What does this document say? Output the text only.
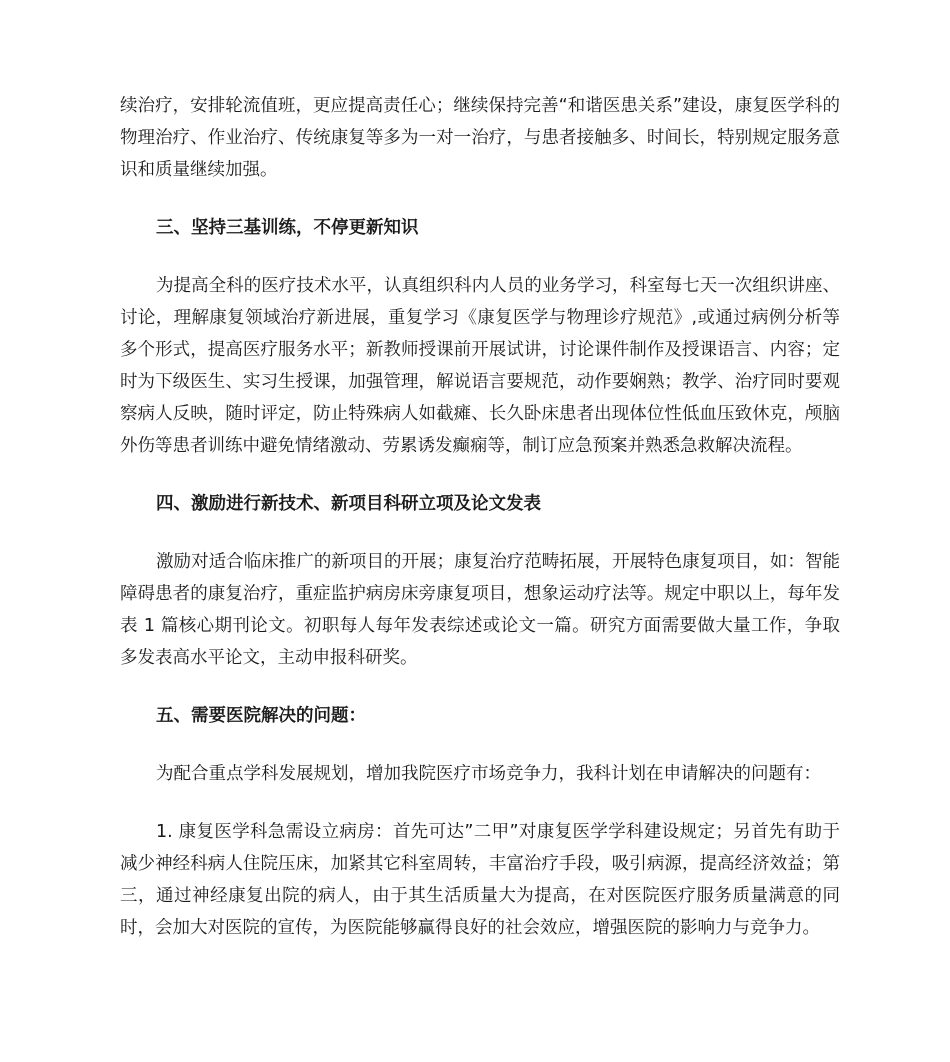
续治疗，安排轮流值班，更应提高责任心；继续保持完善“和谐医患关系”建设，康复医学科的物理治疗、作业治疗、传统康复等多为一对一治疗，与患者接触多、时间长，特别规定服务意识和质量继续加强。

三、坚持三基训练，不停更新知识

为提高全科的医疗技术水平，认真组织科内人员的业务学习，科室每七天一次组织讲座、讨论，理解康复领域治疗新进展，重复学习《康复医学与物理诊疗规范》,或通过病例分析等多个形式，提高医疗服务水平；新教师授课前开展试讲，讨论课件制作及授课语言、内容；定时为下级医生、实习生授课，加强管理，解说语言要规范，动作要娴熟；教学、治疗同时要观察病人反映，随时评定，防止特殊病人如截瘫、长久卧床患者出现体位性低血压致休克，颅脑外伤等患者训练中避免情绪激动、劳累诱发癫痫等，制订应急预案并熟悉急救解决流程。

四、激励进行新技术、新项目科研立项及论文发表

激励对适合临床推广的新项目的开展；康复治疗范畴拓展，开展特色康复项目，如：智能障碍患者的康复治疗，重症监护病房床旁康复项目，想象运动疗法等。规定中职以上，每年发表 1 篇核心期刊论文。初职每人每年发表综述或论文一篇。研究方面需要做大量工作，争取多发表高水平论文，主动申报科研奖。

五、需要医院解决的问题：

为配合重点学科发展规划，增加我院医疗市场竞争力，我科计划在申请解决的问题有：

1. 康复医学科急需设立病房：首先可达”二甲”对康复医学学科建设规定；另首先有助于减少神经科病人住院压床，加紧其它科室周转，丰富治疗手段，吸引病源，提高经济效益；第三，通过神经康复出院的病人，由于其生活质量大为提高，在对医院医疗服务质量满意的同时，会加大对医院的宣传，为医院能够赢得良好的社会效应，增强医院的影响力与竞争力。
